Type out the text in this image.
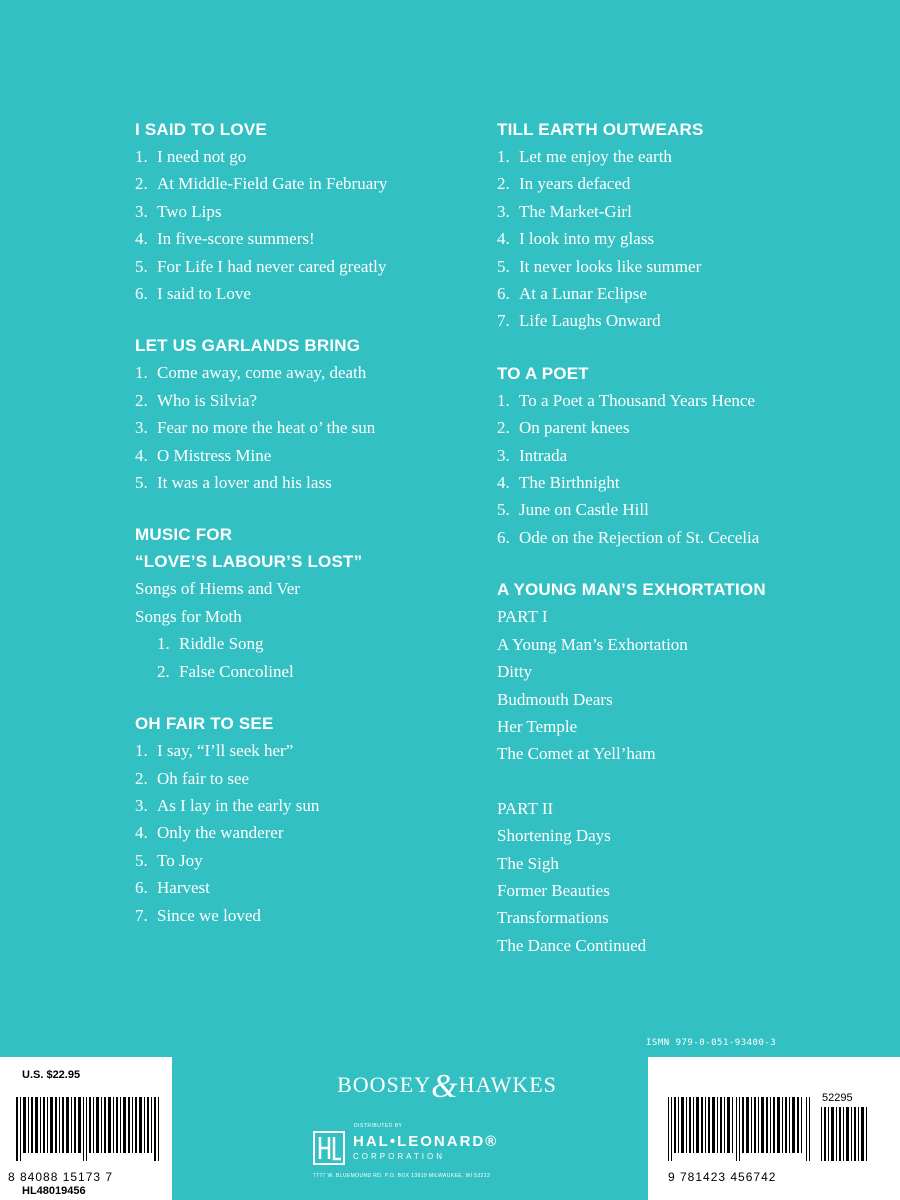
I SAID TO LOVE
1. I need not go
2. At Middle-Field Gate in February
3. Two Lips
4. In five-score summers!
5. For Life I had never cared greatly
6. I said to Love
LET US GARLANDS BRING
1. Come away, come away, death
2. Who is Silvia?
3. Fear no more the heat o’ the sun
4. O Mistress Mine
5. It was a lover and his lass
MUSIC FOR
“LOVE’S LABOUR’S LOST”
Songs of Hiems and Ver
Songs for Moth
1. Riddle Song
2. False Concolinel
OH FAIR TO SEE
1. I say, “I’ll seek her”
2. Oh fair to see
3. As I lay in the early sun
4. Only the wanderer
5. To Joy
6. Harvest
7. Since we loved
TILL EARTH OUTWEARS
1. Let me enjoy the earth
2. In years defaced
3. The Market-Girl
4. I look into my glass
5. It never looks like summer
6. At a Lunar Eclipse
7. Life Laughs Onward
TO A POET
1. To a Poet a Thousand Years Hence
2. On parent knees
3. Intrada
4. The Birthnight
5. June on Castle Hill
6. Ode on the Rejection of St. Cecelia
A YOUNG MAN’S EXHORTATION
PART I
A Young Man’s Exhortation
Ditty
Budmouth Dears
Her Temple
The Comet at Yell’ham
PART II
Shortening Days
The Sigh
Former Beauties
Transformations
The Dance Continued
U.S. $22.95
8 84088 15173 7
HL48019456
BOOSEY&HAWKES
DISTRIBUTED BY
HAL•LEONARD®
CORPORATION
7777 W. BLUEMOUND RD. P.O. BOX 13819 MILWAUKEE, WI 53213
ISMN 979-0-051-93400-3
52295
9 781423 456742
